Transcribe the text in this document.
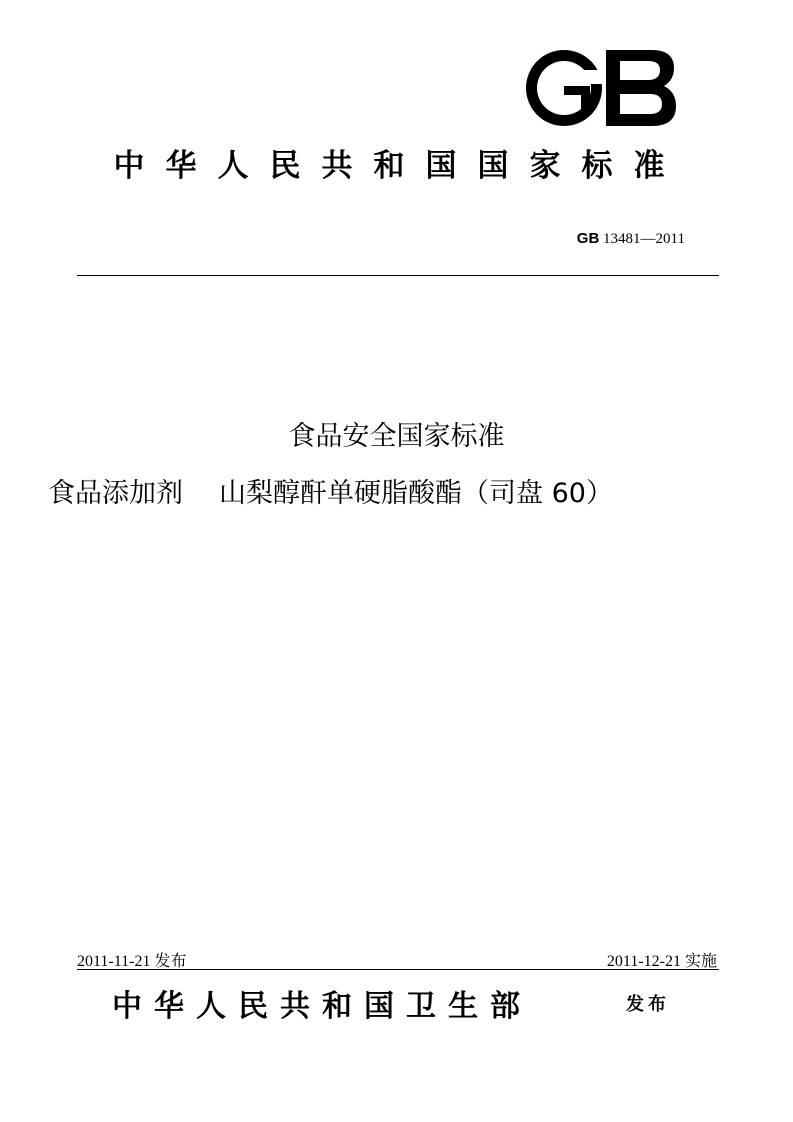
中华人民共和国国家标准
GB 13481—2011
食品安全国家标准
食品添加剂 山梨醇酐单硬脂酸酯（司盘 60）
2011-11-21 发布	2011-12-21 实施
中华人民共和国卫生部	发布
